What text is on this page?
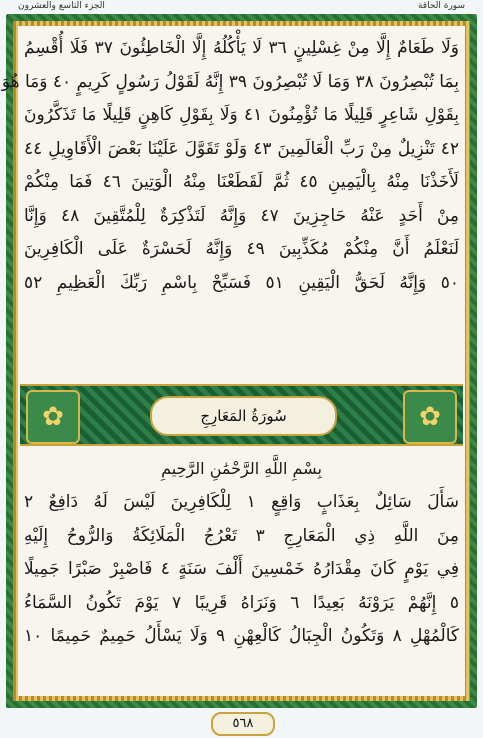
الجزء التاسع والعشرون	سورة الحاقة
وَلَا طَعَامٌ إِلَّا مِنْ غِسْلِينٍ ٣٦ لَا يَأْكُلُهُ إِلَّا الْخَاطِئُونَ ٣٧ فَلَا أُقْسِمُ
بِمَا تُبْصِرُونَ ٣٨ وَمَا لَا تُبْصِرُونَ ٣٩ إِنَّهُ لَقَوْلُ رَسُولٍ كَرِيمٍ ٤٠ وَمَا هُوَ
بِقَوْلِ شَاعِرٍ قَلِيلًا مَا تُؤْمِنُونَ ٤١ وَلَا بِقَوْلِ كَاهِنٍ قَلِيلًا مَا تَذَكَّرُونَ
٤٢ تَنْزِيلٌ مِنْ رَبِّ الْعَالَمِينَ ٤٣ وَلَوْ تَقَوَّلَ عَلَيْنَا بَعْضَ الْأَقَاوِيلِ ٤٤
لَأَخَذْنَا مِنْهُ بِالْيَمِينِ ٤٥ ثُمَّ لَقَطَعْنَا مِنْهُ الْوَتِينَ ٤٦ فَمَا مِنْكُمْ
مِنْ أَحَدٍ عَنْهُ حَاجِزِينَ ٤٧ وَإِنَّهُ لَتَذْكِرَةٌ لِلْمُتَّقِينَ ٤٨ وَإِنَّا
لَنَعْلَمُ أَنَّ مِنْكُمْ مُكَذِّبِينَ ٤٩ وَإِنَّهُ لَحَسْرَةٌ عَلَى الْكَافِرِينَ
٥٠ وَإِنَّهُ لَحَقُّ الْيَقِينِ ٥١ فَسَبِّحْ بِاسْمِ رَبِّكَ الْعَظِيمِ ٥٢
✿	سُورَةُ المَعَارِجِ	✿
بِسْمِ اللَّهِ الرَّحْمَٰنِ الرَّحِيمِ
سَأَلَ سَائِلٌ بِعَذَابٍ وَاقِعٍ ١ لِلْكَافِرِينَ لَيْسَ لَهُ دَافِعٌ ٢
مِنَ اللَّهِ ذِي الْمَعَارِجِ ٣ تَعْرُجُ الْمَلَائِكَةُ وَالرُّوحُ إِلَيْهِ
فِي يَوْمٍ كَانَ مِقْدَارُهُ خَمْسِينَ أَلْفَ سَنَةٍ ٤ فَاصْبِرْ صَبْرًا جَمِيلًا
٥ إِنَّهُمْ يَرَوْنَهُ بَعِيدًا ٦ وَنَرَاهُ قَرِيبًا ٧ يَوْمَ تَكُونُ السَّمَاءُ
كَالْمُهْلِ ٨ وَتَكُونُ الْجِبَالُ كَالْعِهْنِ ٩ وَلَا يَسْأَلُ حَمِيمٌ حَمِيمًا ١٠
٥٦٨
